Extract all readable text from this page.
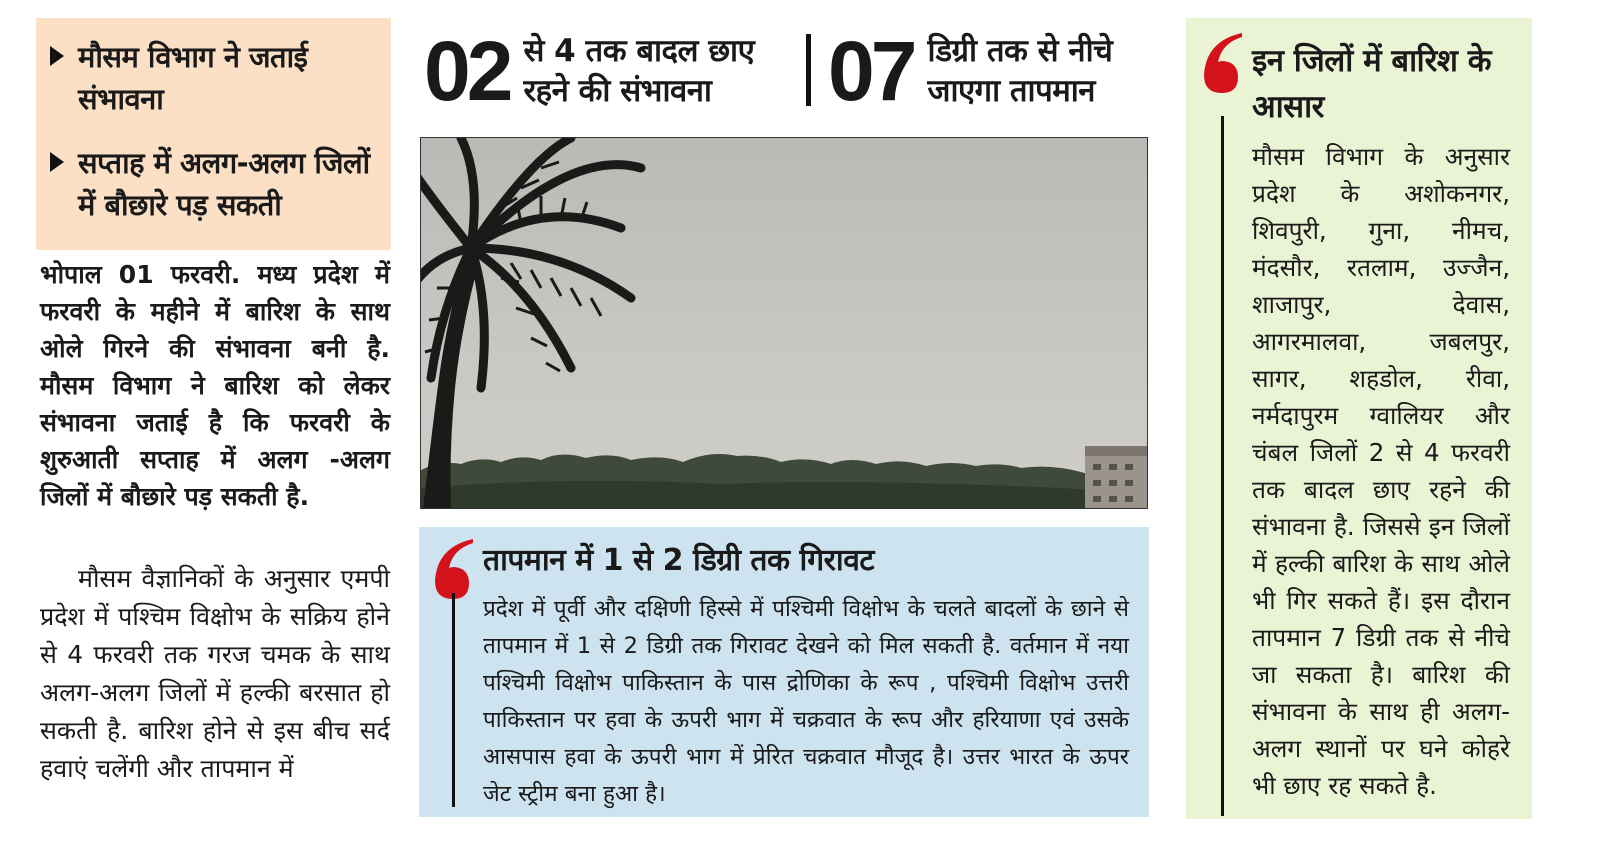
मौसम विभाग ने जताई संभावना
सप्ताह में अलग-अलग जिलों में बौछारे पड़ सकती
भोपाल 01 फरवरी. मध्य प्रदेश में फरवरी के महीने में बारिश के साथ ओले गिरने की संभावना बनी है. मौसम विभाग ने बारिश को लेकर संभावना जताई है कि फरवरी के शुरुआती सप्ताह में अलग -अलग जिलों में बौछारे पड़ सकती है.
मौसम वैज्ञानिकों के अनुसार एमपी प्रदेश में पश्चिम विक्षोभ के सक्रिय होने से 4 फरवरी तक गरज चमक के साथ अलग-अलग जिलों में हल्की बरसात हो सकती है. बारिश होने से इस बीच सर्द हवाएं चलेंगी और तापमान में
02 से 4 तक बादल छाए रहने की संभावना	07 डिग्री तक से नीचे जाएगा तापमान
तापमान में 1 से 2 डिग्री तक गिरावट
प्रदेश में पूर्वी और दक्षिणी हिस्से में पश्चिमी विक्षोभ के चलते बादलों के छाने से तापमान में 1 से 2 डिग्री तक गिरावट देखने को मिल सकती है. वर्तमान में नया पश्चिमी विक्षोभ पाकिस्तान के पास द्रोणिका के रूप , पश्चिमी विक्षोभ उत्तरी पाकिस्तान पर हवा के ऊपरी भाग में चक्रवात के रूप और हरियाणा एवं उसके आसपास हवा के ऊपरी भाग में प्रेरित चक्रवात मौजूद है। उत्तर भारत के ऊपर जेट स्ट्रीम बना हुआ है।
इन जिलों में बारिश के आसार
मौसम विभाग के अनुसार प्रदेश के अशोकनगर, शिवपुरी, गुना, नीमच, मंदसौर, रतलाम, उज्जैन, शाजापुर, देवास, आगरमालवा, जबलपुर, सागर, शहडोल, रीवा, नर्मदापुरम ग्वालियर और चंबल जिलों 2 से 4 फरवरी तक बादल छाए रहने की संभावना है. जिससे इन जिलों में हल्की बारिश के साथ ओले भी गिर सकते हैं। इस दौरान तापमान 7 डिग्री तक से नीचे जा सकता है। बारिश की संभावना के साथ ही अलग-अलग स्थानों पर घने कोहरे भी छाए रह सकते है.
